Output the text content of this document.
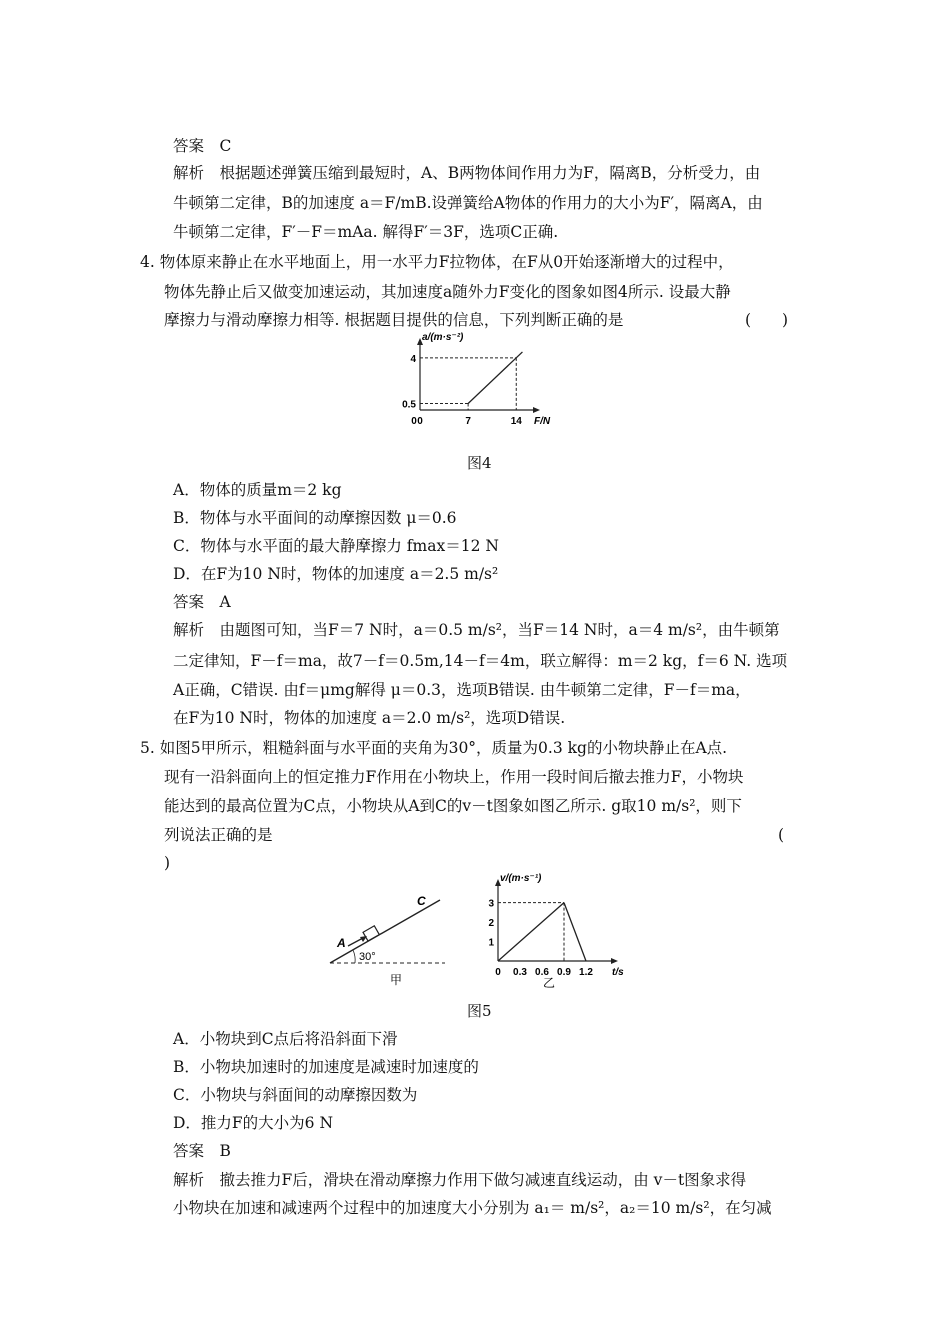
答案　C
解析　根据题述弹簧压缩到最短时，A、B两物体间作用力为F，隔离B，分析受力，由
牛顿第二定律，B的加速度 a＝F/mB.设弹簧给A物体的作用力的大小为F′，隔离A，由
牛顿第二定律，F′－F＝mAa. 解得F′＝3F，选项C正确.
4. 物体原来静止在水平地面上，用一水平力F拉物体，在F从0开始逐渐增大的过程中，
物体先静止后又做变加速运动，其加速度a随外力F变化的图象如图4所示. 设最大静
摩擦力与滑动摩擦力相等. 根据题目提供的信息，下列判断正确的是	(　　)
a/(m·s⁻²)
F/N
0	7	14
0.5
4
0
图4
A．物体的质量m＝2 kg
B．物体与水平面间的动摩擦因数 μ＝0.6
C．物体与水平面的最大静摩擦力 fmax＝12 N
D．在F为10 N时，物体的加速度 a＝2.5 m/s²
答案　A
解析　由题图可知，当F＝7 N时，a＝0.5 m/s²，当F＝14 N时，a＝4 m/s²，由牛顿第
二定律知，F－f＝ma，故7－f＝0.5m,14－f＝4m，联立解得：m＝2 kg，f＝6 N. 选项
A正确，C错误. 由f＝μmg解得 μ＝0.3，选项B错误. 由牛顿第二定律，F－f＝ma，
在F为10 N时，物体的加速度 a＝2.0 m/s²，选项D错误.
5. 如图5甲所示，粗糙斜面与水平面的夹角为30°，质量为0.3 kg的小物块静止在A点.
现有一沿斜面向上的恒定推力F作用在小物块上，作用一段时间后撤去推力F，小物块
能达到的最高位置为C点，小物块从A到C的v－t图象如图乙所示. g取10 m/s²，则下
列说法正确的是	(
)
A
C
30°
甲
v/(m·s⁻¹)
t/s
0 0.3 0.6 0.9 1.2
1
2
3
乙
图5
A．小物块到C点后将沿斜面下滑
B．小物块加速时的加速度是减速时加速度的
C．小物块与斜面间的动摩擦因数为
D．推力F的大小为6 N
答案　B
解析　撤去推力F后，滑块在滑动摩擦力作用下做匀减速直线运动，由 v－t图象求得
小物块在加速和减速两个过程中的加速度大小分别为 a₁＝ m/s²，a₂＝10 m/s²，在匀减
